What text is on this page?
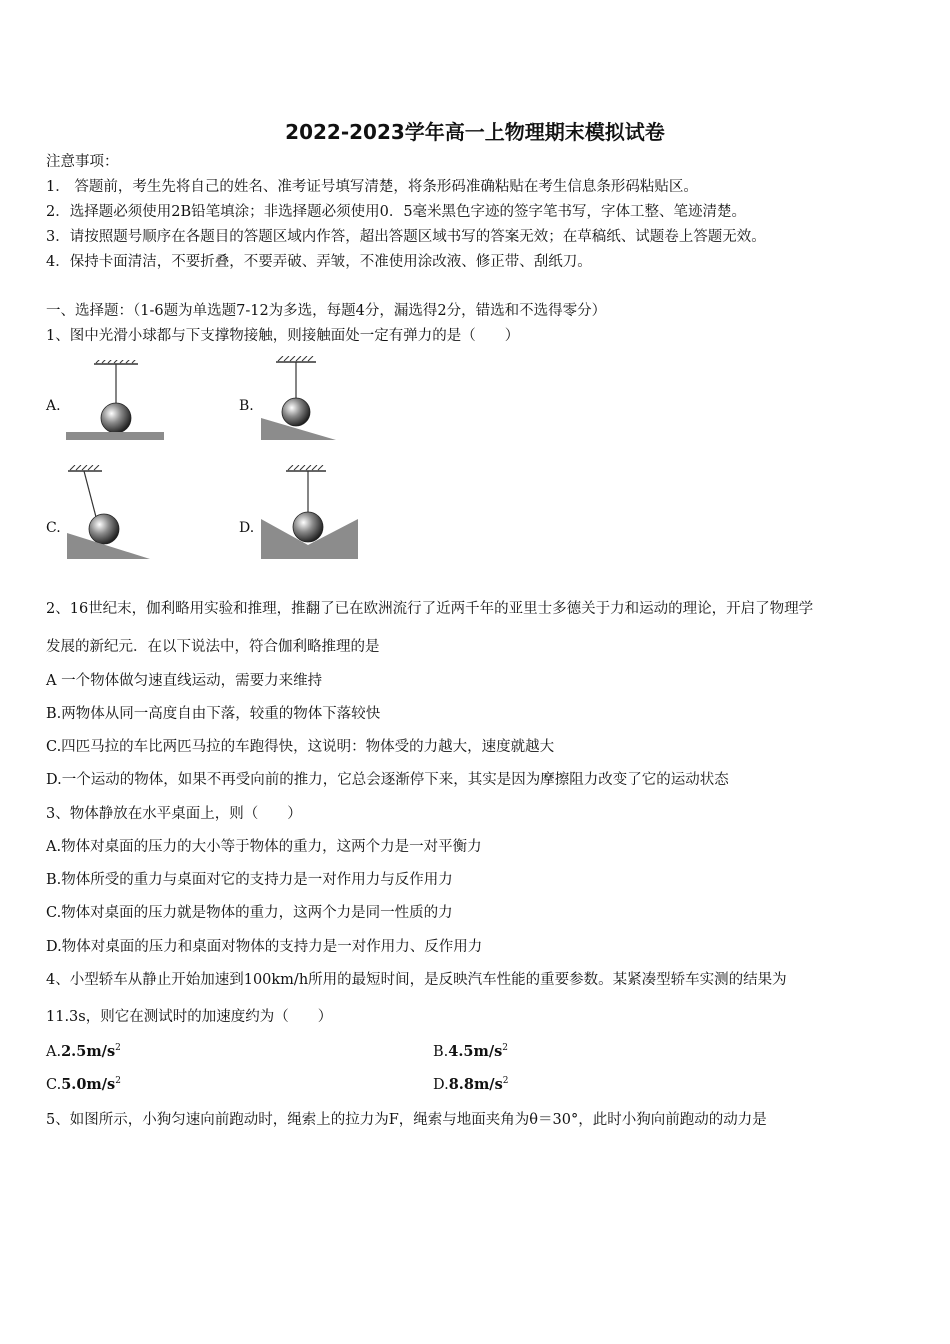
2022-2023学年高一上物理期末模拟试卷
注意事项：
1． 答题前，考生先将自己的姓名、准考证号填写清楚，将条形码准确粘贴在考生信息条形码粘贴区。
2．选择题必须使用2B铅笔填涂；非选择题必须使用0．5毫米黑色字迹的签字笔书写，字体工整、笔迹清楚。
3．请按照题号顺序在各题目的答题区域内作答，超出答题区域书写的答案无效；在草稿纸、试题卷上答题无效。
4．保持卡面清洁，不要折叠，不要弄破、弄皱，不准使用涂改液、修正带、刮纸刀。
一、选择题：（1-6题为单选题7-12为多选，每题4分，漏选得2分，错选和不选得零分）
1、图中光滑小球都与下支撑物接触，则接触面处一定有弹力的是（　　）
A.	B.
C.	D.
2、16世纪末，伽利略用实验和推理，推翻了已在欧洲流行了近两千年的亚里士多德关于力和运动的理论，开启了物理学
发展的新纪元．在以下说法中，符合伽利略推理的是
A 一个物体做匀速直线运动，需要力来维持
B.两物体从同一高度自由下落，较重的物体下落较快
C.四匹马拉的车比两匹马拉的车跑得快，这说明：物体受的力越大，速度就越大
D.一个运动的物体，如果不再受向前的推力，它总会逐渐停下来，其实是因为摩擦阻力改变了它的运动状态
3、物体静放在水平桌面上，则（　　）
A.物体对桌面的压力的大小等于物体的重力，这两个力是一对平衡力
B.物体所受的重力与桌面对它的支持力是一对作用力与反作用力
C.物体对桌面的压力就是物体的重力，这两个力是同一性质的力
D.物体对桌面的压力和桌面对物体的支持力是一对作用力、反作用力
4、小型轿车从静止开始加速到100km/h所用的最短时间，是反映汽车性能的重要参数。某紧凑型轿车实测的结果为
11.3s，则它在测试时的加速度约为（　　）
$A.2.5m/s^2$	$B.4.5m/s^2$
$C.5.0m/s^2$	$D.8.8m/s^2$
5、如图所示，小狗匀速向前跑动时，绳索上的拉力为F，绳索与地面夹角为θ＝30°，此时小狗向前跑动的动力是
